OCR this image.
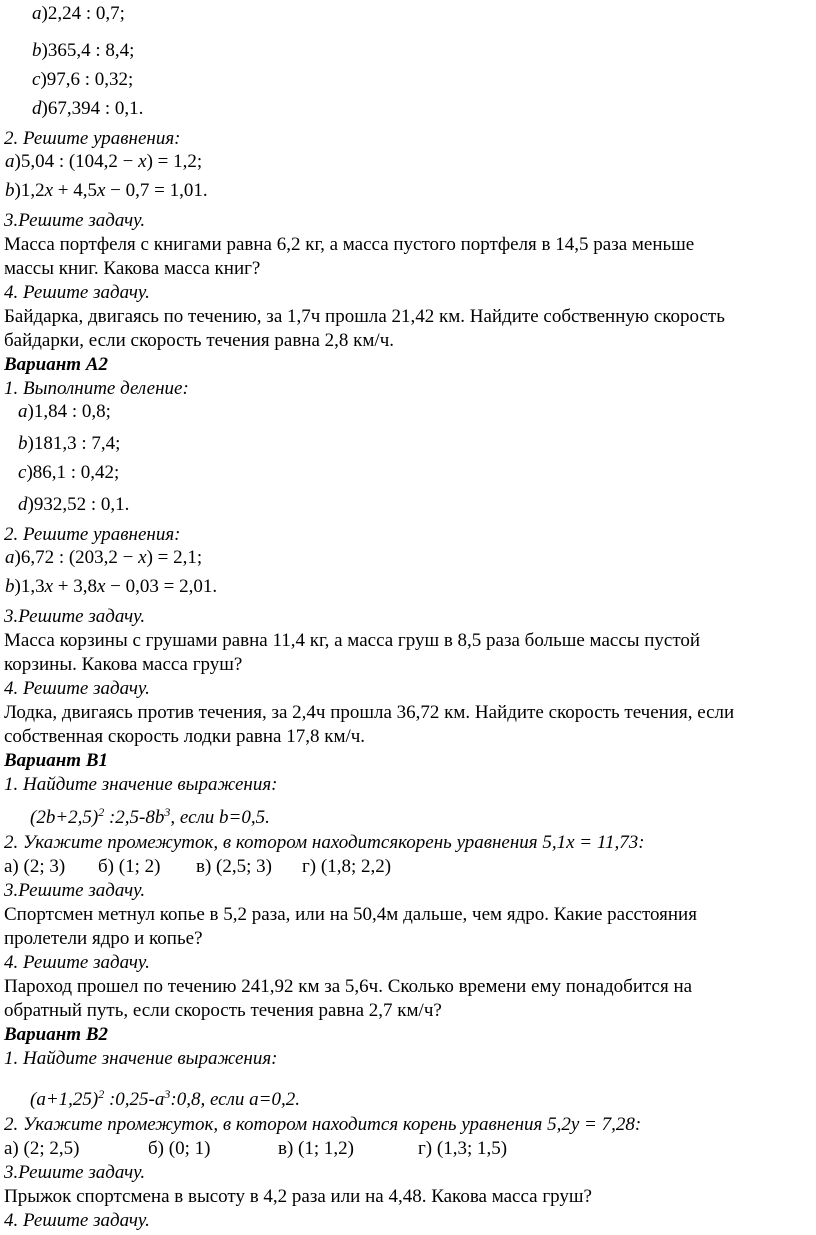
a)2,24 : 0,7;
b)365,4 : 8,4;
c)97,6 : 0,32;
d)67,394 : 0,1.
2. Решите уравнения:
a)5,04 : (104,2 − x) = 1,2;
b)1,2x + 4,5x − 0,7 = 1,01.
3.Решите задачу.
Масса портфеля с книгами равна 6,2 кг, а масса пустого портфеля в 14,5 раза меньше
массы книг. Какова масса книг?
4. Решите задачу.
Байдарка, двигаясь по течению, за 1,7ч прошла 21,42 км. Найдите собственную скорость
байдарки, если скорость течения равна 2,8 км/ч.
Вариант А2
1. Выполните деление:
a)1,84 : 0,8;
b)181,3 : 7,4;
c)86,1 : 0,42;
d)932,52 : 0,1.
2. Решите уравнения:
a)6,72 : (203,2 − x) = 2,1;
b)1,3x + 3,8x − 0,03 = 2,01.
3.Решите задачу.
Масса корзины с грушами равна 11,4 кг, а масса груш в 8,5 раза больше массы пустой
корзины. Какова масса груш?
4. Решите задачу.
Лодка, двигаясь против течения, за 2,4ч прошла 36,72 км. Найдите скорость течения, если
собственная скорость лодки равна 17,8 км/ч.
Вариант В1
1. Найдите значение выражения:
$(2b+2,5)^2$ $:2,5-8b^3$, если b=0,5.
2. Укажите промежуток, в котором находитсякорень уравнения 5,1x = 11,73:
а) (2; 3) б) (1; 2) в) (2,5; 3) г) (1,8; 2,2)
3.Решите задачу.
Спортсмен метнул копье в 5,2 раза, или на 50,4м дальше, чем ядро. Какие расстояния
пролетели ядро и копье?
4. Решите задачу.
Пароход прошел по течению 241,92 км за 5,6ч. Сколько времени ему понадобится на
обратный путь, если скорость течения равна 2,7 км/ч?
Вариант В2
1. Найдите значение выражения:
$(a+1,25)^2$ $:0,25-a^3:0,8$, если a=0,2.
2. Укажите промежуток, в котором находится корень уравнения 5,2y = 7,28:
а) (2; 2,5)	б) (0; 1)	в) (1; 1,2)	г) (1,3; 1,5)
3.Решите задачу.
Прыжок спортсмена в высоту в 4,2 раза или на 4,48. Какова масса груш?
4. Решите задачу.
